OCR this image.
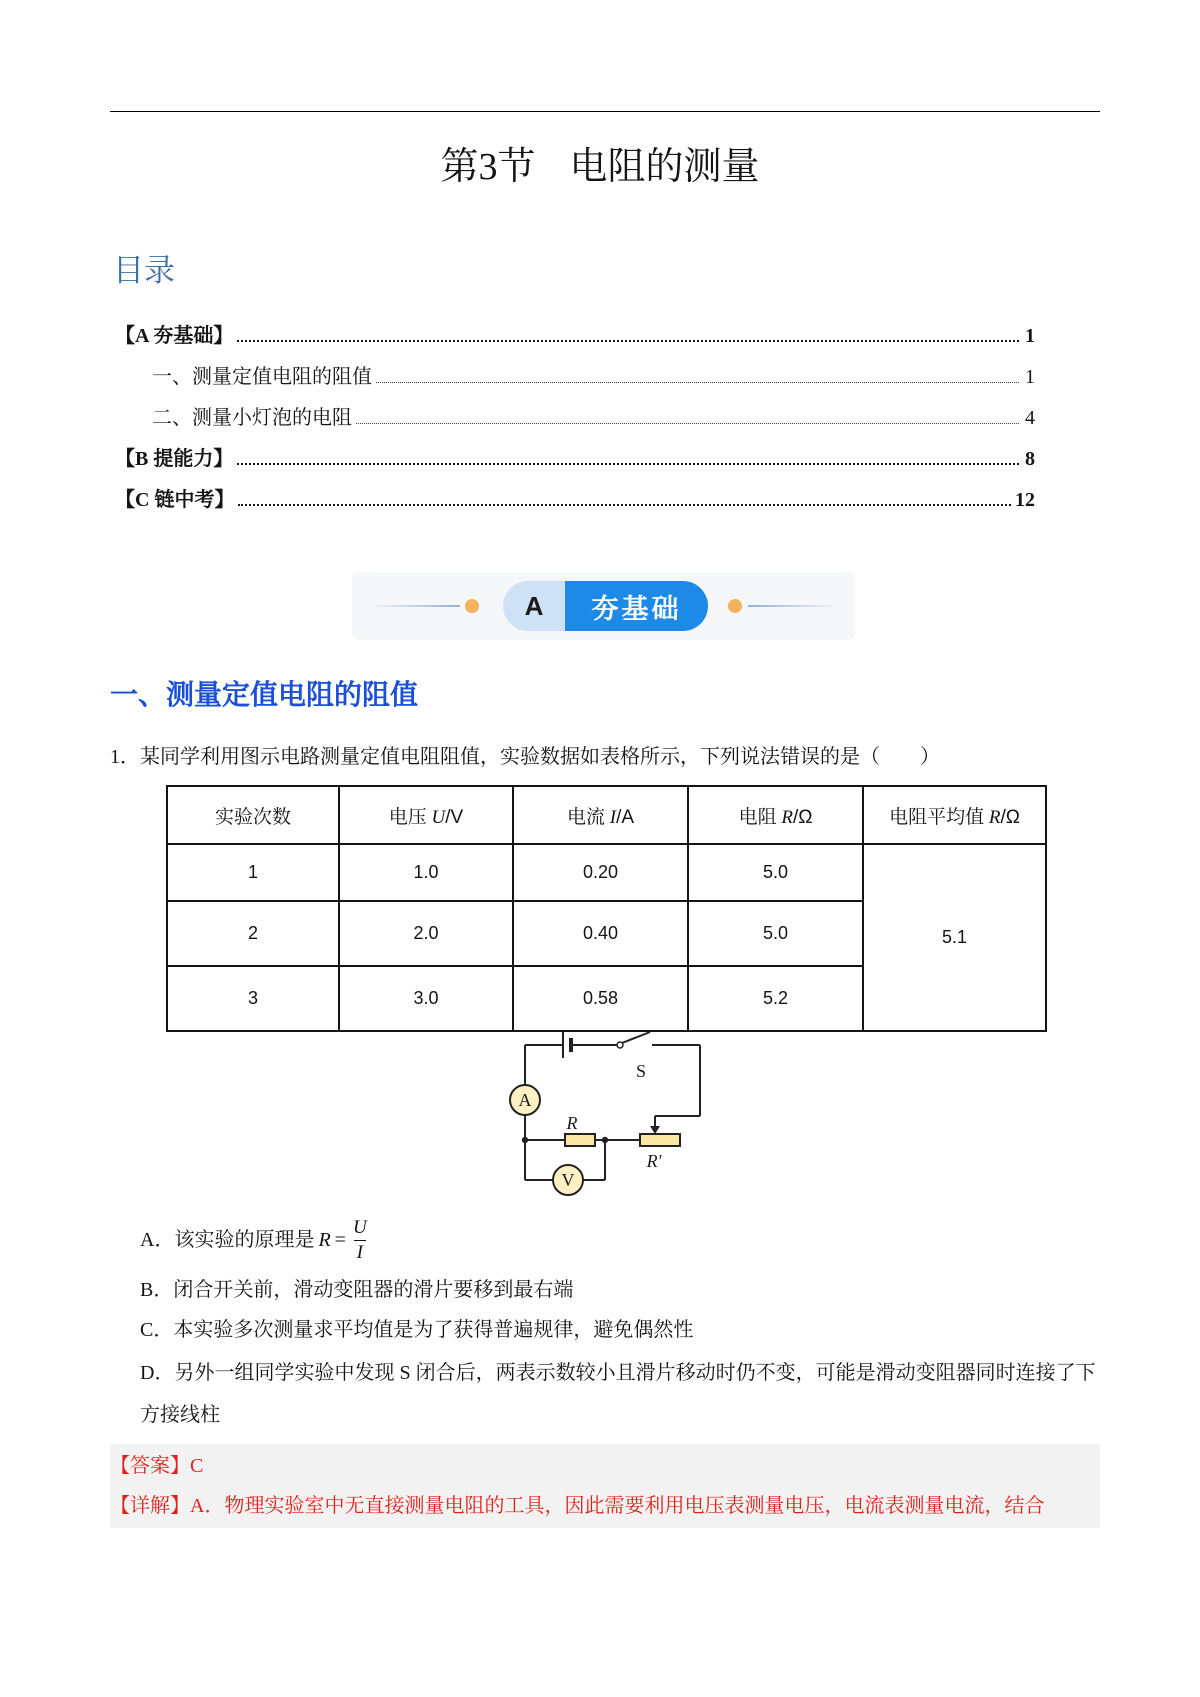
第3节 电阻的测量
目录
【A 夯基础】	1
一、测量定值电阻的阻值	1
二、测量小灯泡的电阻	4
【B 提能力】	8
【C 链中考】	12
A	夯基础
一、测量定值电阻的阻值
1．某同学利用图示电路测量定值电阻阻值，实验数据如表格所示，下列说法错误的是（　　）
实验次数	电压 U/V	电流 I/A	电阻 R/Ω	电阻平均值 R/Ω
1	1.0	0.20	5.0	5.1
2	2.0	0.40	5.0	
3	3.0	0.58	5.2	
S
A
R
R'
V
A．该实验的原理是 $R = \frac{U}{I}$
B．闭合开关前，滑动变阻器的滑片要移到最右端
C．本实验多次测量求平均值是为了获得普遍规律，避免偶然性
D．另外一组同学实验中发现 S 闭合后，两表示数较小且滑片移动时仍不变，可能是滑动变阻器同时连接了下方接线柱
【答案】C
【详解】A．物理实验室中无直接测量电阻的工具，因此需要利用电压表测量电压，电流表测量电流，结合
